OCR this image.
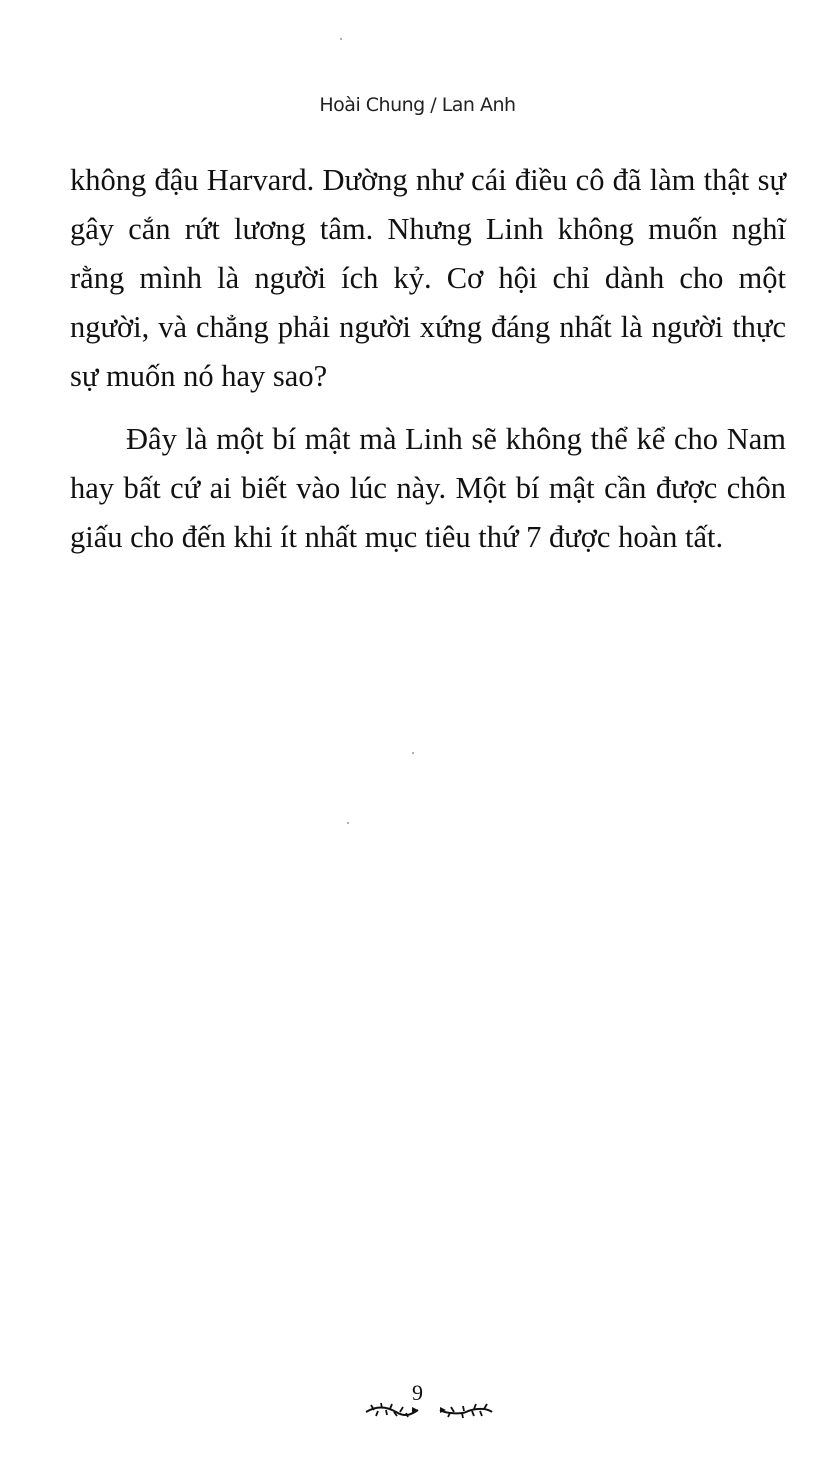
Hoài Chung / Lan Anh

không đậu Harvard. Dường như cái điều cô đã làm thật sự gây cắn rứt lương tâm. Nhưng Linh không muốn nghĩ rằng mình là người ích kỷ. Cơ hội chỉ dành cho một người, và chẳng phải người xứng đáng nhất là người thực sự muốn nó hay sao?

Đây là một bí mật mà Linh sẽ không thể kể cho Nam hay bất cứ ai biết vào lúc này. Một bí mật cần được chôn giấu cho đến khi ít nhất mục tiêu thứ 7 được hoàn tất.

9
